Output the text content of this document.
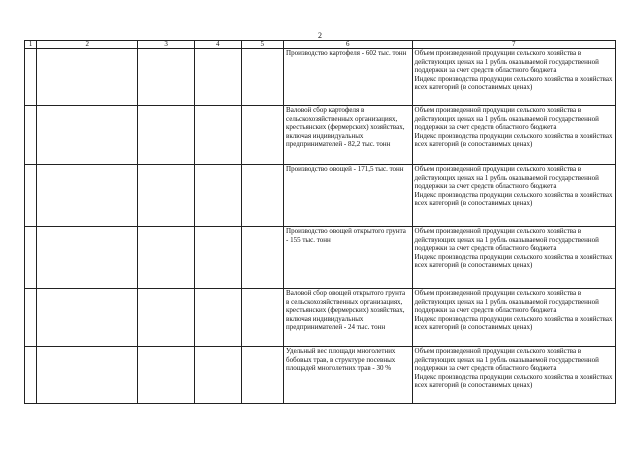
2
1	2	3	4	5	6	7
					Производство картофеля - 602 тыс. тонн	Объем произведенной продукции сельского хозяйства в действующих ценах на 1 рубль оказываемой государственной поддержки за счет средств областного бюджета
Индекс производства продукции сельского хозяйства в хозяйствах всех категорий (в сопоставимых ценах)

					Валовой сбор картофеля в сельскохозяйственных организациях, крестьянских (фермерских) хозяйствах, включая индивидуальных предпринимателей - 82,2 тыс. тонн	Объем произведенной продукции сельского хозяйства в действующих ценах на 1 рубль оказываемой государственной поддержки за счет средств областного бюджета
Индекс производства продукции сельского хозяйства в хозяйствах всех категорий (в сопоставимых ценах)

					Производство овощей - 171,5 тыс. тонн	Объем произведенной продукции сельского хозяйства в действующих ценах на 1 рубль оказываемой государственной поддержки за счет средств областного бюджета
Индекс производства продукции сельского хозяйства в хозяйствах всех категорий (в сопоставимых ценах)

					Производство овощей открытого грунта - 155 тыс. тонн	Объем произведенной продукции сельского хозяйства в действующих ценах на 1 рубль оказываемой государственной поддержки за счет средств областного бюджета
Индекс производства продукции сельского хозяйства в хозяйствах всех категорий (в сопоставимых ценах)

					Валовой сбор овощей открытого грунта в сельскохозяйственных организациях, крестьянских (фермерских) хозяйствах, включая индивидуальных предпринимателей - 24 тыс. тонн	Объем произведенной продукции сельского хозяйства в действующих ценах на 1 рубль оказываемой государственной поддержки за счет средств областного бюджета
Индекс производства продукции сельского хозяйства в хозяйствах всех категорий (в сопоставимых ценах)

					Удельный вес площади многолетних бобовых трав, в структуре посевных площадей многолетних трав - 30 %	Объем произведенной продукции сельского хозяйства в действующих ценах на 1 рубль оказываемой государственной поддержки за счет средств областного бюджета
Индекс производства продукции сельского хозяйства в хозяйствах всех категорий (в сопоставимых ценах)
